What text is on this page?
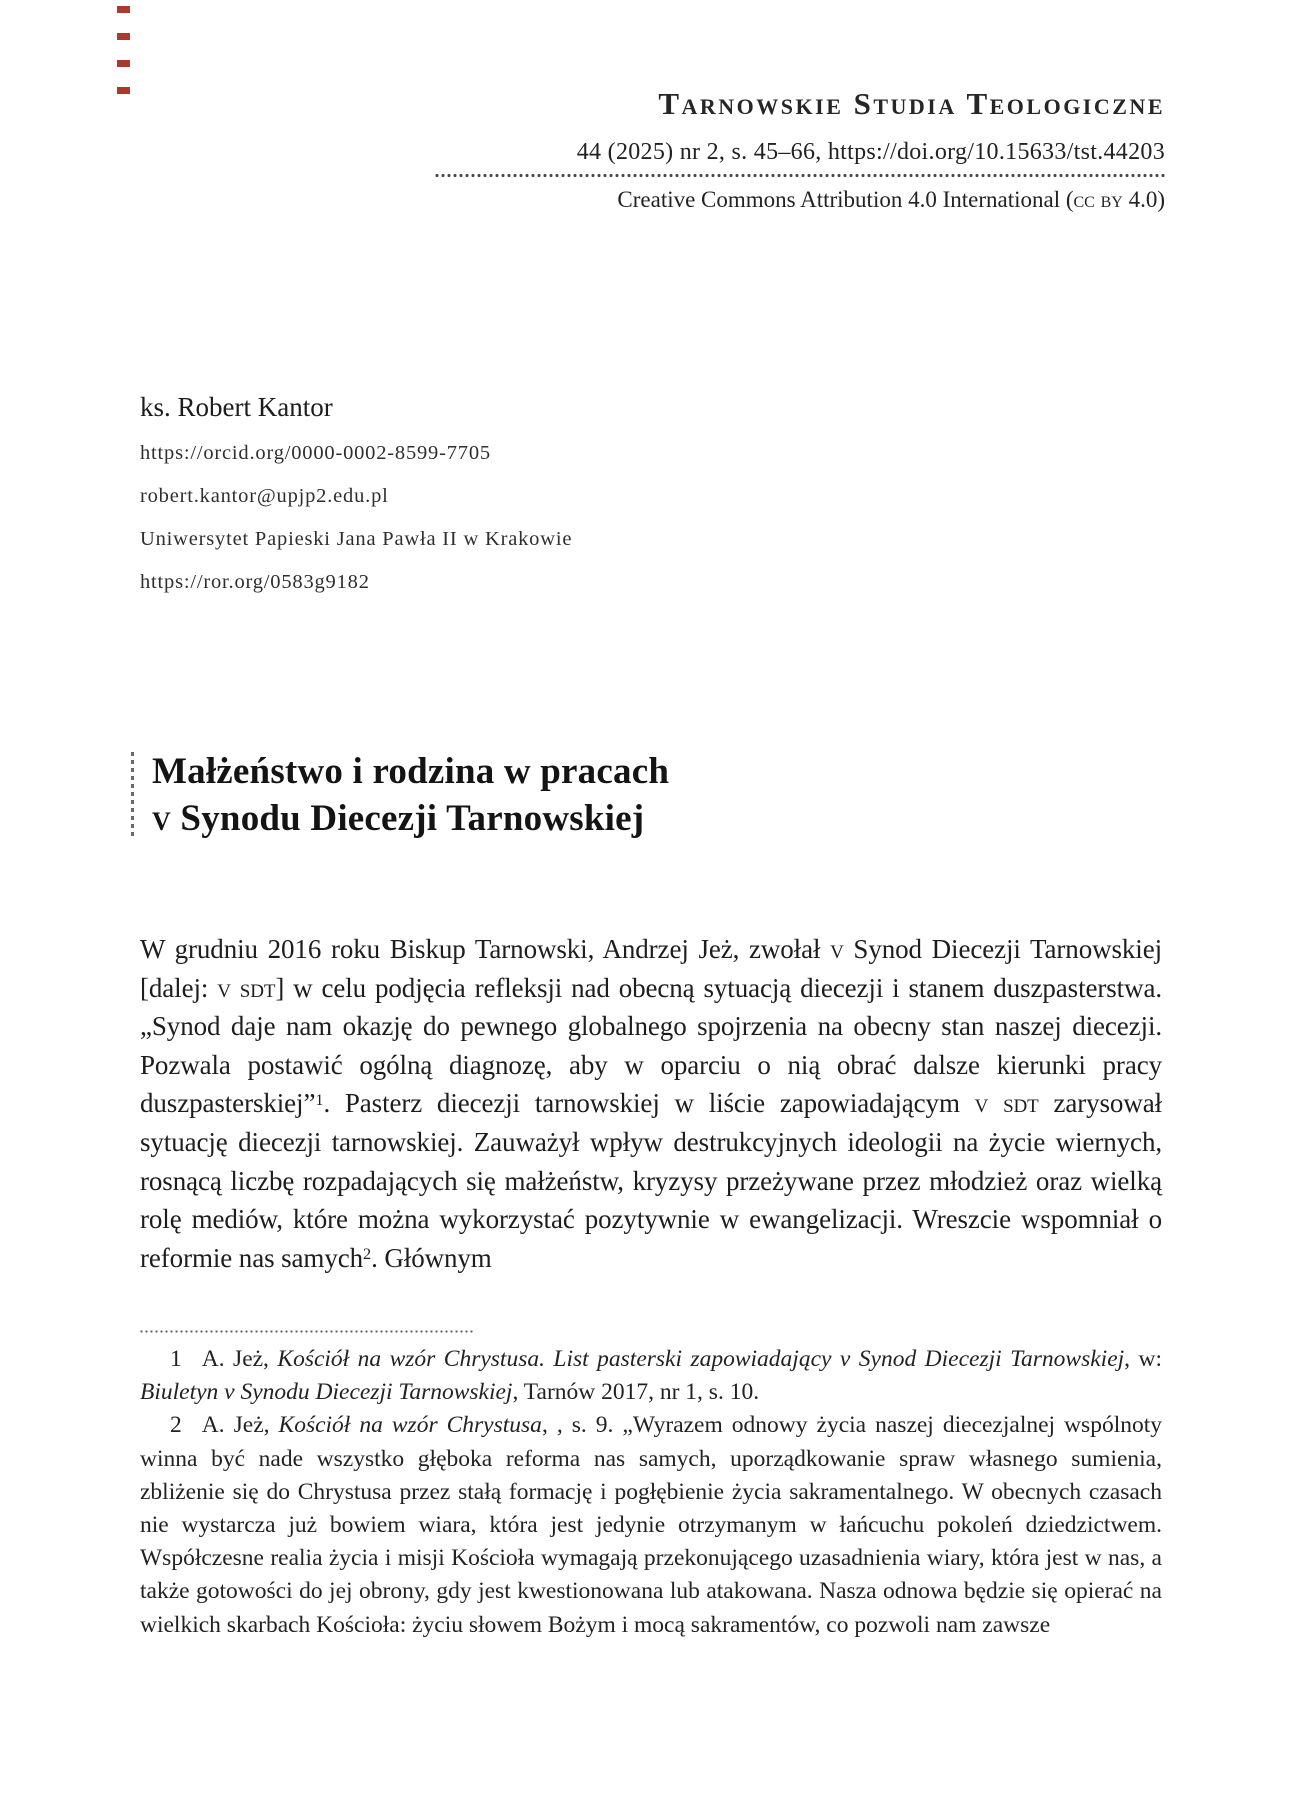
Tarnowskie Studia Teologiczne
44 (2025) nr 2, s. 45–66, https://doi.org/10.15633/tst.44203
Creative Commons Attribution 4.0 International (cc by 4.0)
ks. Robert Kantor
https://orcid.org/0000-0002-8599-7705
robert.kantor@upjp2.edu.pl
Uniwersytet Papieski Jana Pawła II w Krakowie
https://ror.org/0583g9182
Małżeństwo i rodzina w pracach
v Synodu Diecezji Tarnowskiej
W grudniu 2016 roku Biskup Tarnowski, Andrzej Jeż, zwołał v Synod Diecezji Tarnowskiej [dalej: v sdt] w celu podjęcia refleksji nad obecną sytuacją diecezji i stanem duszpasterstwa. „Synod daje nam okazję do pewnego globalnego spojrzenia na obecny stan naszej diecezji. Pozwala postawić ogólną diagnozę, aby w oparciu o nią obrać dalsze kierunki pracy duszpasterskiej”$^1$. Pasterz diecezji tarnowskiej w liście zapowiadającym v sdt zarysował sytuację diecezji tarnowskiej. Zauważył wpływ destrukcyjnych ideologii na życie wiernych, rosnącą liczbę rozpadających się małżeństw, kryzysy przeżywane przez młodzież oraz wielką rolę mediów, które można wykorzystać pozytywnie w ewangelizacji. Wreszcie wspomniał o reformie nas samych$^2$. Głównym

1 A. Jeż, Kościół na wzór Chrystusa. List pasterski zapowiadający v Synod Diecezji Tarnowskiej, w: Biuletyn v Synodu Diecezji Tarnowskiej, Tarnów 2017, nr 1, s. 10.

2 A. Jeż, Kościół na wzór Chrystusa, , s. 9. „Wyrazem odnowy życia naszej diecezjalnej wspólnoty winna być nade wszystko głęboka reforma nas samych, uporządkowanie spraw własnego sumienia, zbliżenie się do Chrystusa przez stałą formację i pogłębienie życia sakramentalnego. W obecnych czasach nie wystarcza już bowiem wiara, która jest jedynie otrzymanym w łańcuchu pokoleń dziedzictwem. Współczesne realia życia i misji Kościoła wymagają przekonującego uzasadnienia wiary, która jest w nas, a także gotowości do jej obrony, gdy jest kwestionowana lub atakowana. Nasza odnowa będzie się opierać na wielkich skarbach Kościoła: życiu słowem Bożym i mocą sakramentów, co pozwoli nam zawsze
